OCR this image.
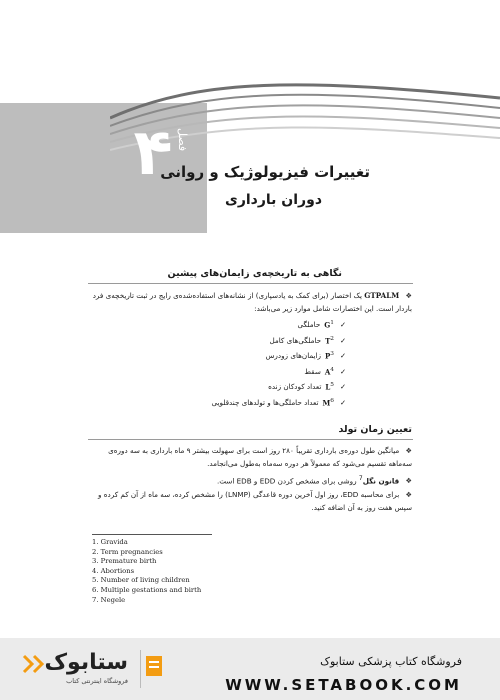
۴ فصل
تغییرات فیزیولوژیک و روانی
دوران بارداری
نگاهی به تاریخچه‌ی زایمان‌های پیشین
❖ GTPALM یک اختصار (برای کمک به یادسپاری) از نشانه‌های استفاده‌شده‌ی رایج در ثبت تاریخچه‌ی فرد باردار است. این اختصارات شامل موارد زیر می‌باشد:
✓
$G^1$
حاملگی
✓
$T^2$
حاملگی‌های کامل
✓
$P^3$
زایمان‌های زودرس
✓
$A^4$
سقط
✓
$L^5$
تعداد کودکان زنده
✓
$M^6$
تعداد حاملگی‌ها و تولدهای چندقلویی
تعیین زمان تولد
❖ میانگین طول دوره‌ی بارداری تقریباً ۲۸۰ روز است برای سهولت بیشتر ۹ ماه بارداری به سه دوره‌ی سه‌ماهه تقسیم می‌شود که معمولاً هر دوره سه‌ماه به‌طول می‌انجامد.
❖ قانون نگل$^7$ روشی برای مشخص کردن EDD و EDB است.
❖ برای محاسبه EDD، روز اول آخرین دوره قاعدگی (LNMP) را مشخص کرده، سه ماه از آن کم کرده و سپس هفت روز به آن اضافه کنید.
1. Gravida
2. Term pregnancies
3. Premature birth
4. Abortions
5. Number of living children
6. Multiple gestations and birth
7. Negele
ستابوک
فروشگاه اینترنتی کتاب
فروشگاه کتاب پزشکی ستابوک
WWW.SETABOOK.COM
